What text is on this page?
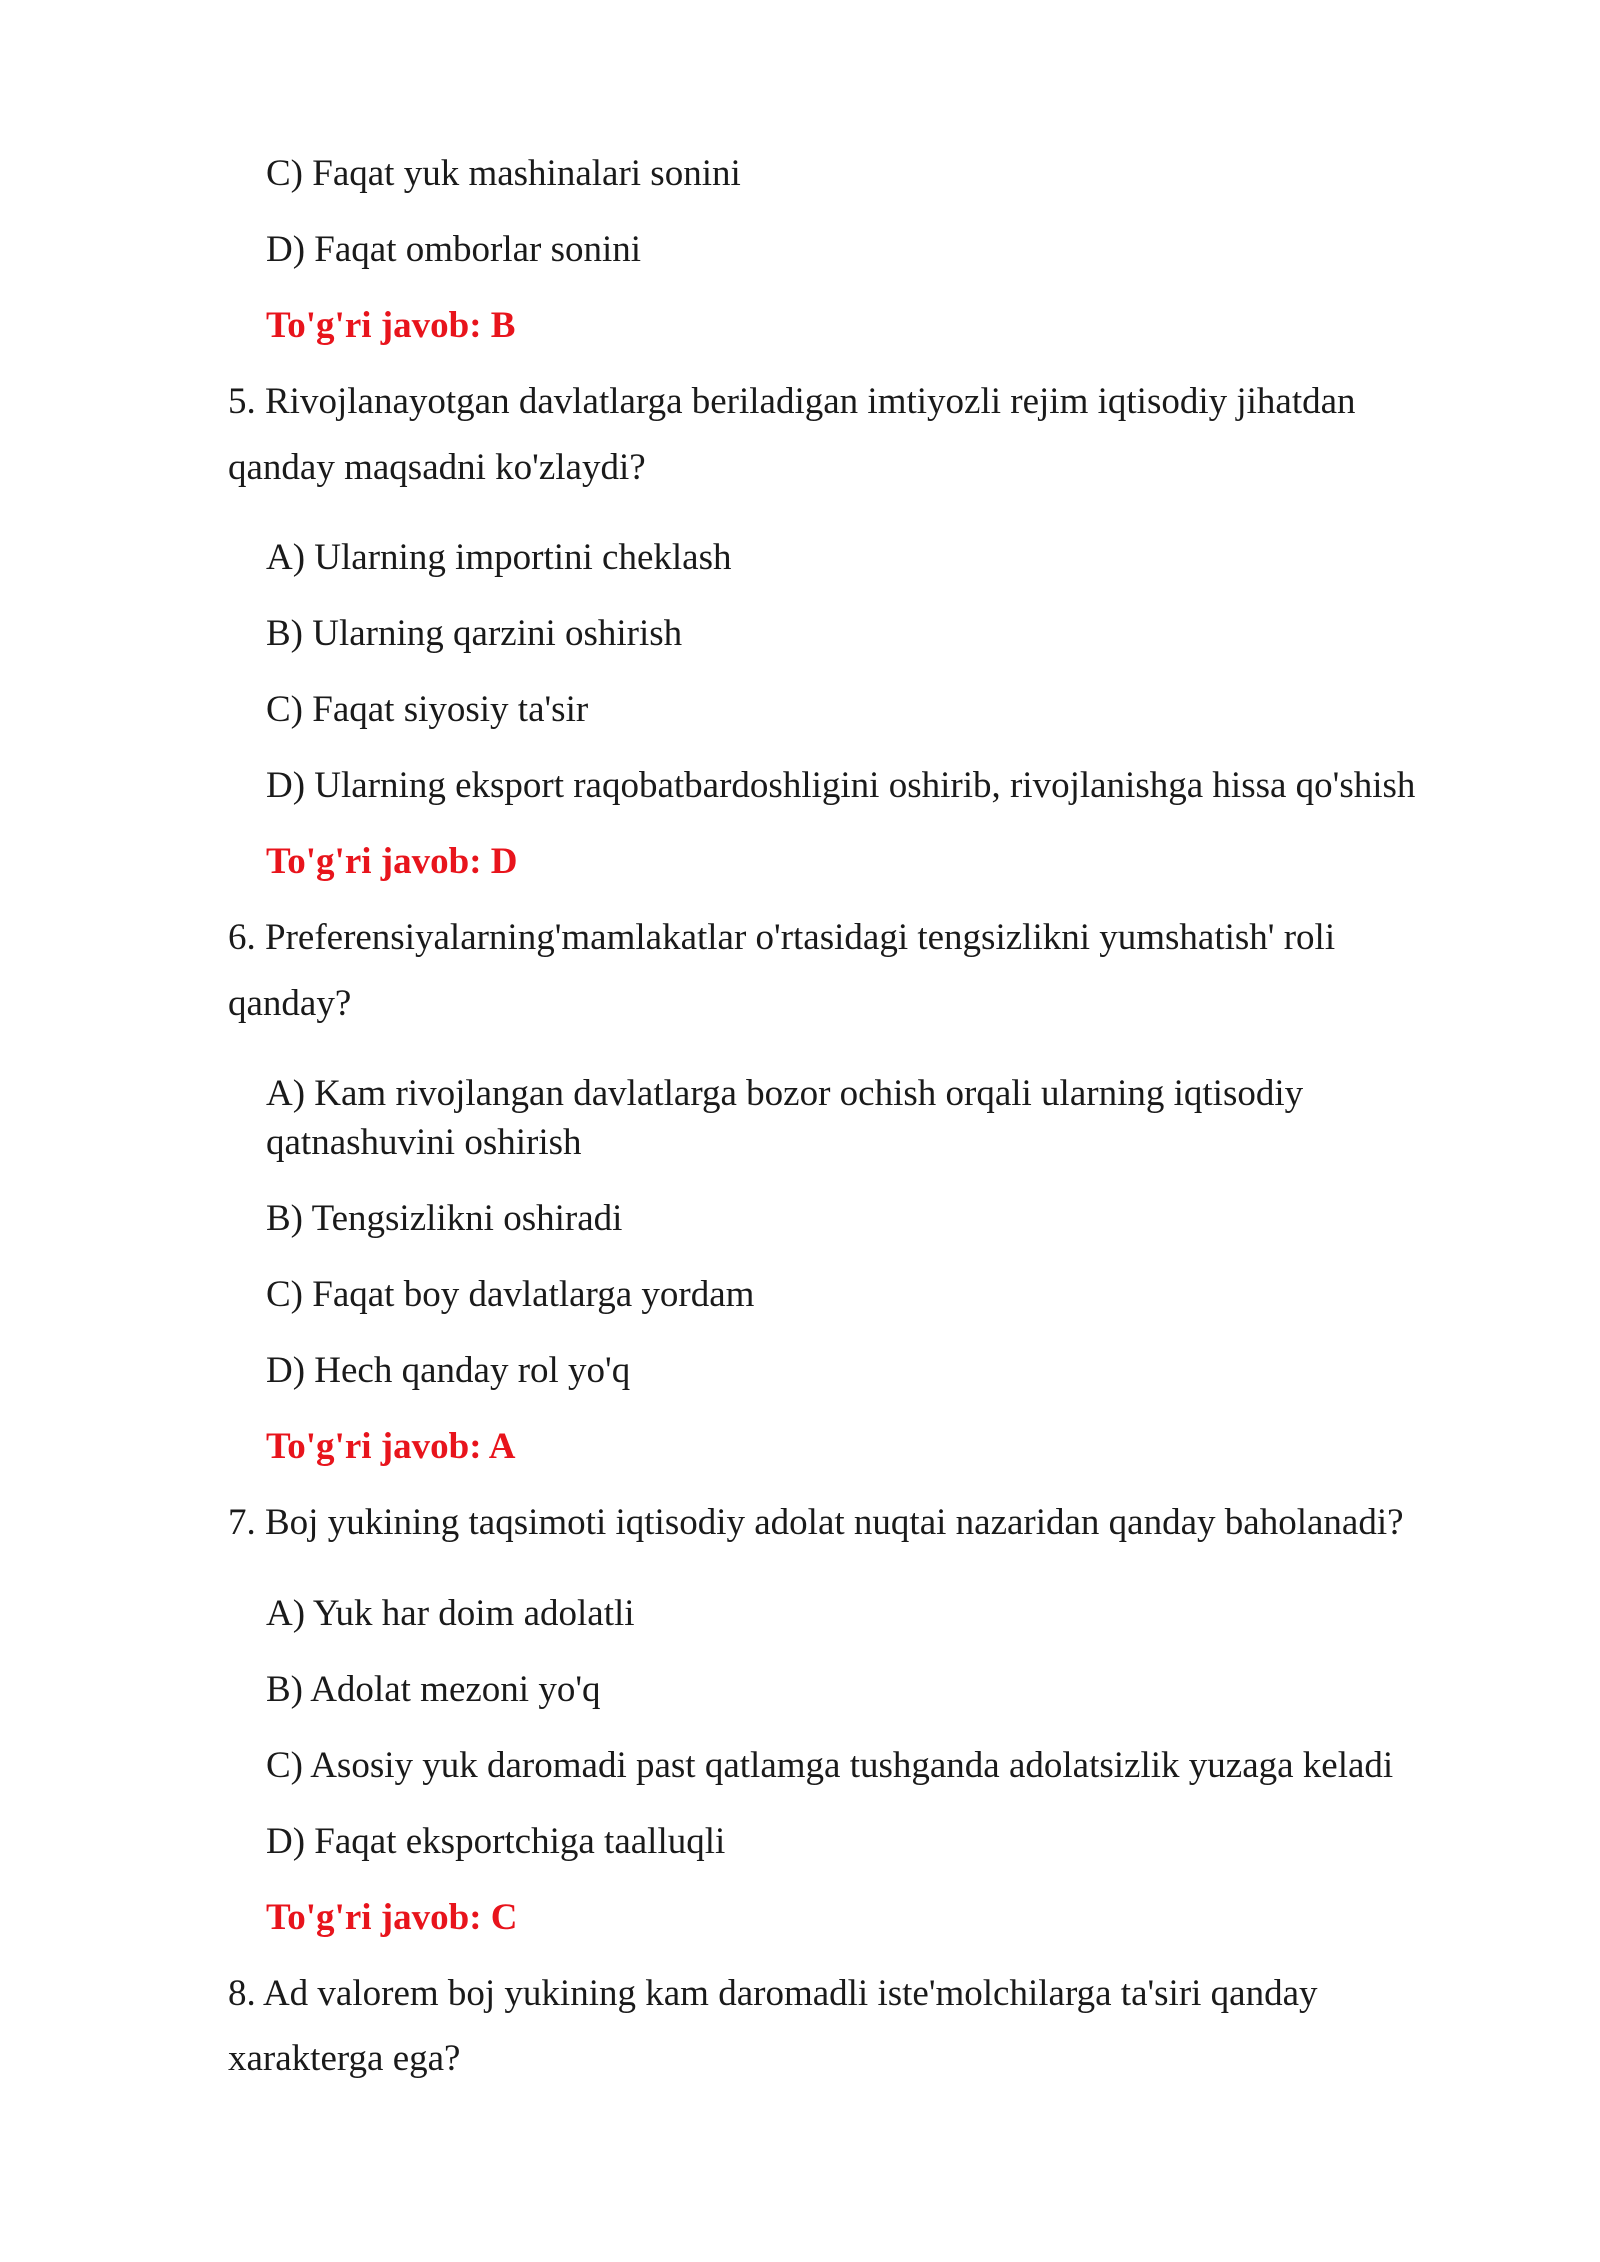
C) Faqat yuk mashinalari sonini
D) Faqat omborlar sonini
To'g'ri javob: B
5. Rivojlanayotgan davlatlarga beriladigan imtiyozli rejim iqtisodiy jihatdan
qanday maqsadni ko'zlaydi?
A) Ularning importini cheklash
B) Ularning qarzini oshirish
C) Faqat siyosiy ta'sir
D) Ularning eksport raqobatbardoshligini oshirib, rivojlanishga hissa qo'shish
To'g'ri javob: D
6. Preferensiyalarning'mamlakatlar o'rtasidagi tengsizlikni yumshatish' roli
qanday?
A) Kam rivojlangan davlatlarga bozor ochish orqali ularning iqtisodiy
qatnashuvini oshirish
B) Tengsizlikni oshiradi
C) Faqat boy davlatlarga yordam
D) Hech qanday rol yo'q
To'g'ri javob: A
7. Boj yukining taqsimoti iqtisodiy adolat nuqtai nazaridan qanday baholanadi?
A) Yuk har doim adolatli
B) Adolat mezoni yo'q
C) Asosiy yuk daromadi past qatlamga tushganda adolatsizlik yuzaga keladi
D) Faqat eksportchiga taalluqli
To'g'ri javob: C
8. Ad valorem boj yukining kam daromadli iste'molchilarga ta'siri qanday
xarakterga ega?
